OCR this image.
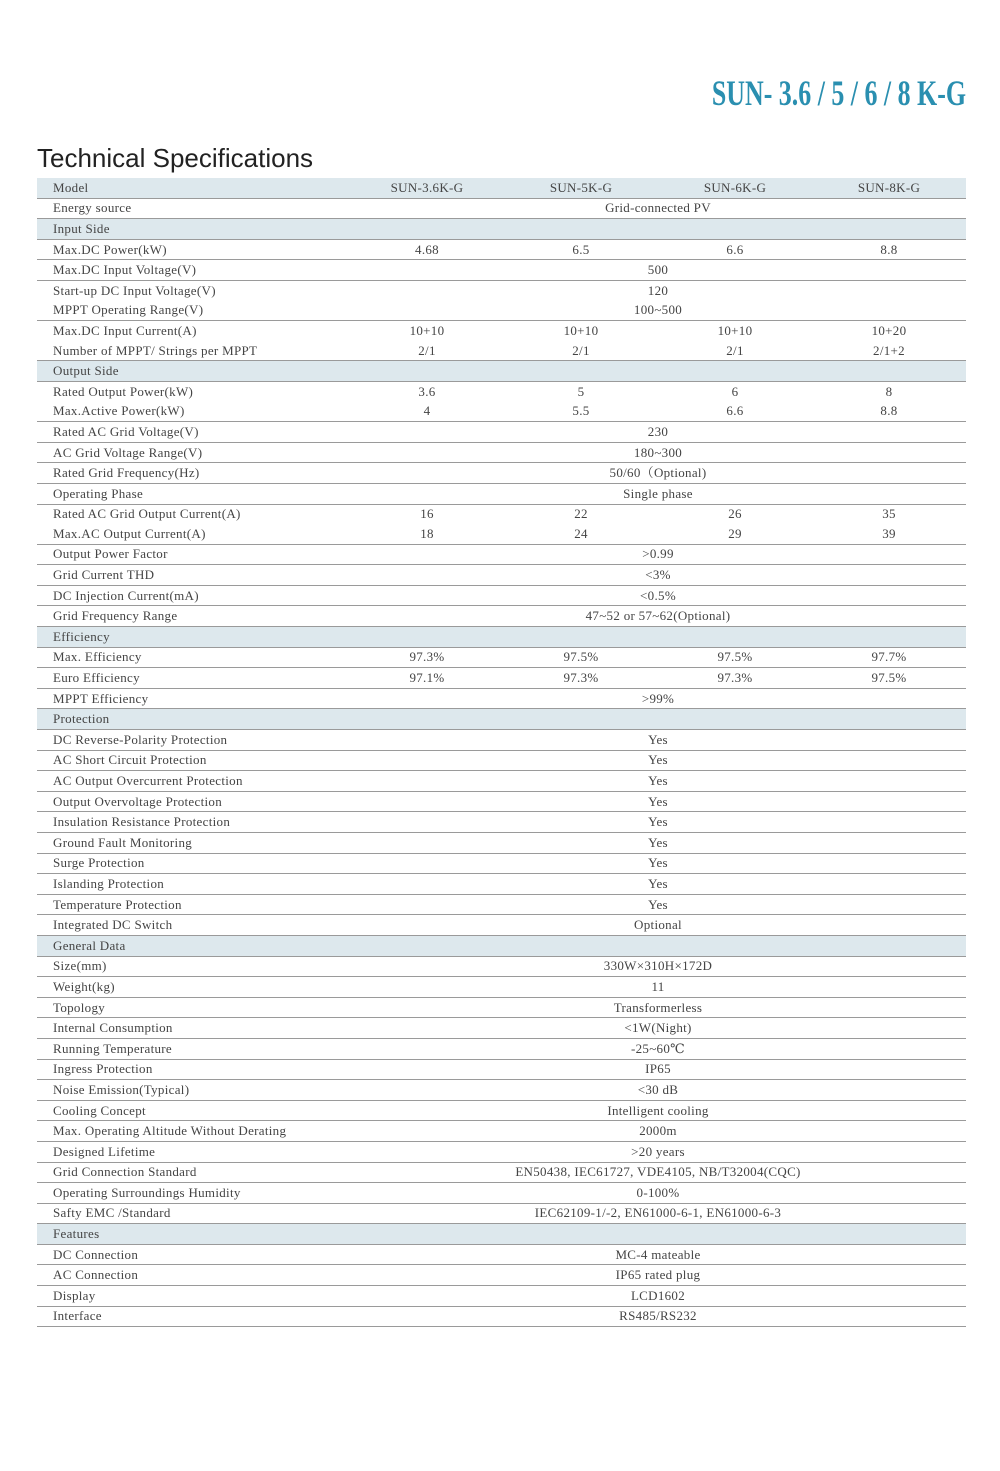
SUN- 3.6 / 5 / 6 / 8 K-G
Technical Specifications
Model	SUN-3.6K-G	SUN-5K-G	SUN-6K-G	SUN-8K-G
Energy source	Grid-connected PV			
Input Side				
Max.DC Power(kW)	4.68	6.5	6.6	8.8
Max.DC Input Voltage(V)	500			
Start-up DC Input Voltage(V)	120			
MPPT Operating Range(V)	100~500			
Max.DC Input Current(A)	10+10	10+10	10+10	10+20
Number of MPPT/ Strings per MPPT	2/1	2/1	2/1	2/1+2
Output Side				
Rated Output Power(kW)	3.6	5	6	8
Max.Active Power(kW)	4	5.5	6.6	8.8
Rated AC Grid Voltage(V)	230			
AC Grid Voltage Range(V)	180~300			
Rated Grid Frequency(Hz)	50/60（Optional)			
Operating Phase	Single phase			
Rated AC Grid Output Current(A)	16	22	26	35
Max.AC Output Current(A)	18	24	29	39
Output Power Factor	>0.99			
Grid Current THD	<3%			
DC Injection Current(mA)	<0.5%			
Grid Frequency Range	47~52 or 57~62(Optional)			
Efficiency				
Max. Efficiency	97.3%	97.5%	97.5%	97.7%
Euro Efficiency	97.1%	97.3%	97.3%	97.5%
MPPT Efficiency	>99%			
Protection				
DC Reverse-Polarity Protection	Yes			
AC Short Circuit Protection	Yes			
AC Output Overcurrent Protection	Yes			
Output Overvoltage Protection	Yes			
Insulation Resistance Protection	Yes			
Ground Fault Monitoring	Yes			
Surge Protection	Yes			
Islanding Protection	Yes			
Temperature Protection	Yes			
Integrated DC Switch	Optional			
General Data				
Size(mm)	330W×310H×172D			
Weight(kg)	11			
Topology	Transformerless			
Internal Consumption	<1W(Night)			
Running Temperature	-25~60℃			
Ingress Protection	IP65			
Noise Emission(Typical)	<30 dB			
Cooling Concept	Intelligent cooling			
Max. Operating Altitude Without Derating	2000m			
Designed Lifetime	>20 years			
Grid Connection Standard	EN50438, IEC61727, VDE4105, NB/T32004(CQC)			
Operating Surroundings Humidity	0-100%			
Safty EMC /Standard	IEC62109-1/-2, EN61000-6-1, EN61000-6-3			
Features				
DC Connection	MC-4 mateable			
AC Connection	IP65 rated plug			
Display	LCD1602			
Interface	RS485/RS232			
